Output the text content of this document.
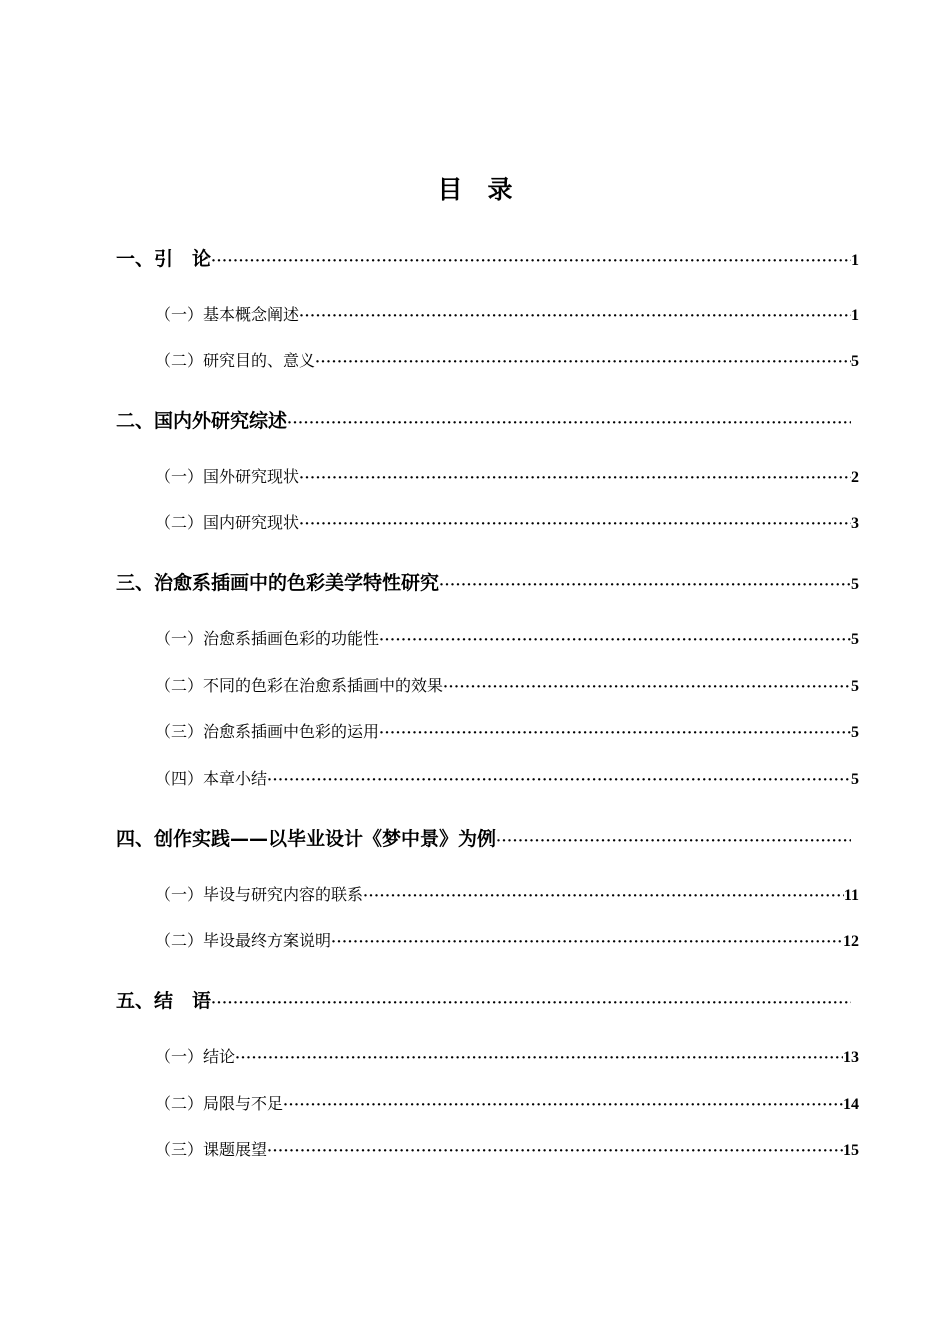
目　录
一、引　论 ·····	1
（一）基本概念阐述 ·····	1
（二）研究目的、意义 ·····	5
二、国内外研究综述
·····
（一）国外研究现状 ·····	2
（二）国内研究现状 ·····	3
三、治愈系插画中的色彩美学特性研究 ·····	5
（一）治愈系插画色彩的功能性 ·····	5
（二）不同的色彩在治愈系插画中的效果 ·····	5
（三）治愈系插画中色彩的运用 ·····	5
（四）本章小结 ·····	5
四、创作实践——以毕业设计《梦中景》为例
·····
（一）毕设与研究内容的联系 ·····	11
（二）毕设最终方案说明 ·····	12
五、结　语
·····
（一）结论 ·····	13
（二）局限与不足 ·····	14
（三）课题展望 ·····	15
